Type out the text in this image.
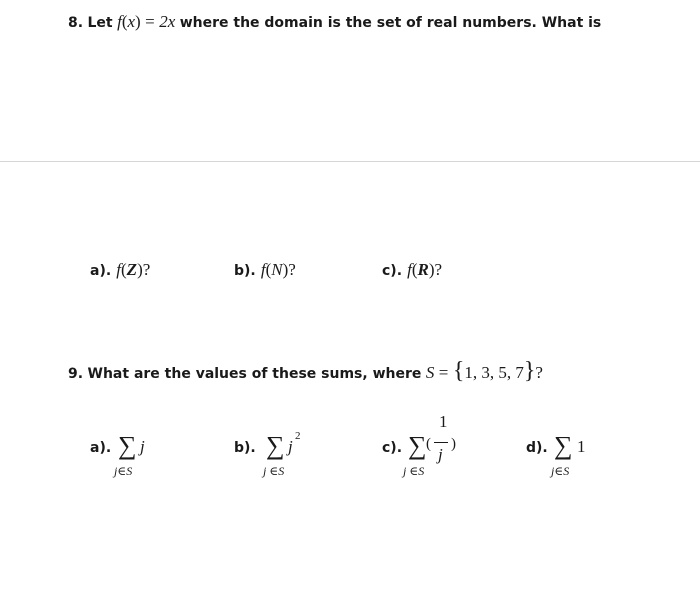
8. Let f(x) = 2x where the domain is the set of real numbers. What is
a). f(Z)?	b). f(N)?	c). f(R)?
9. What are the values of these sums, where S = {1, 3, 5, 7}?
a). ∑ j
j∈S
b). ∑ j
2
j ∈S
c). ∑ (
1
j
)
j ∈S
d). ∑ 1
j∈S
